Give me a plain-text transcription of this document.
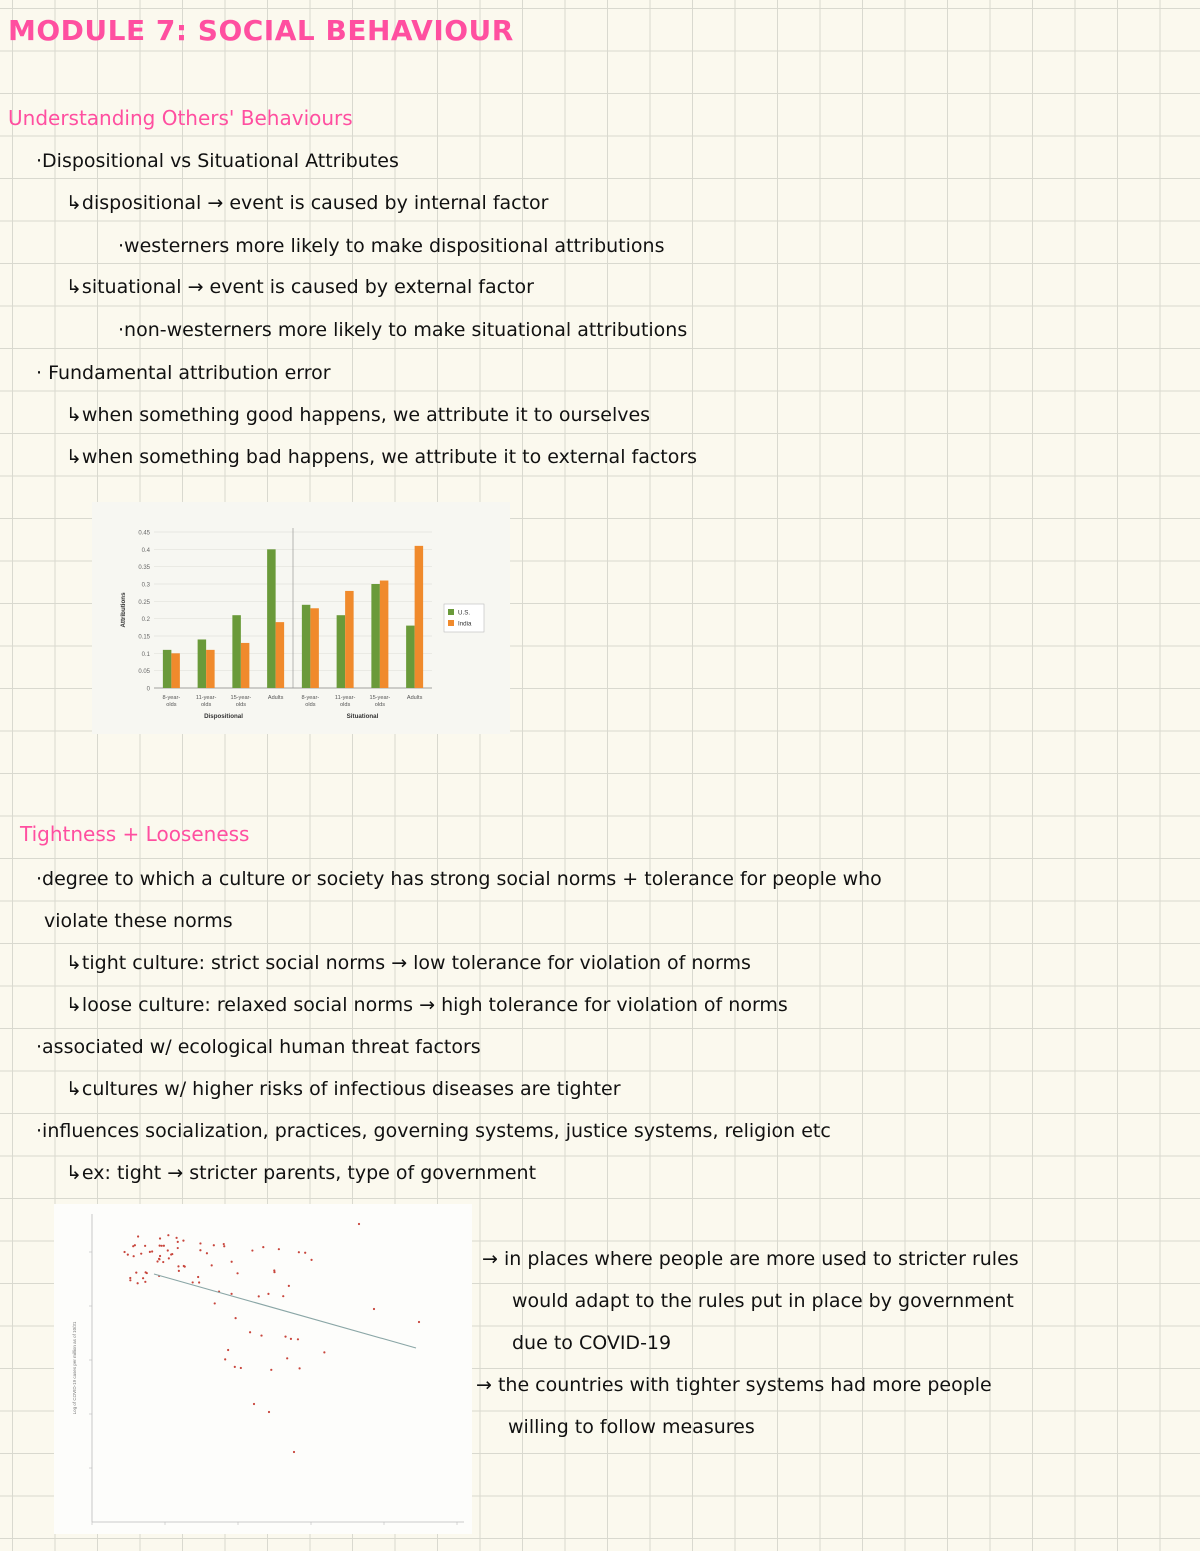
MODULE 7: SOCIAL BEHAVIOUR
Understanding Others' Behaviours
·Dispositional vs Situational Attributes
↳dispositional → event is caused by internal factor
·westerners more likely to make dispositional attributions
↳situational → event is caused by external factor
·non-westerners more likely to make situational attributions
· Fundamental attribution error
↳when something good happens, we attribute it to ourselves
↳when something bad happens, we attribute it to external factors
0
0.05
0.1
0.15
0.2
0.25
0.3
0.35
0.4
0.45
8-year-
olds
11-year-
olds
15-year-
olds
Adults	8-year-
olds
11-year-
olds
15-year-
olds
Adults
Dispositional	Situational
Attributions	U.S.
India
Tightness + Looseness
·degree to which a culture or society has strong social norms + tolerance for people who
violate these norms
↳tight culture: strict social norms → low tolerance for violation of norms
↳loose culture: relaxed social norms → high tolerance for violation of norms
·associated w/ ecological human threat factors
↳cultures w/ higher risks of infectious diseases are tighter
·influences socialization, practices, governing systems, justice systems, religion etc
↳ex: tight → stricter parents, type of government
Log of COVID-19 cases per million as of 10/31
→ in places where people are more used to stricter rules
would adapt to the rules put in place by government
due to COVID-19
→ the countries with tighter systems had more people
willing to follow measures
